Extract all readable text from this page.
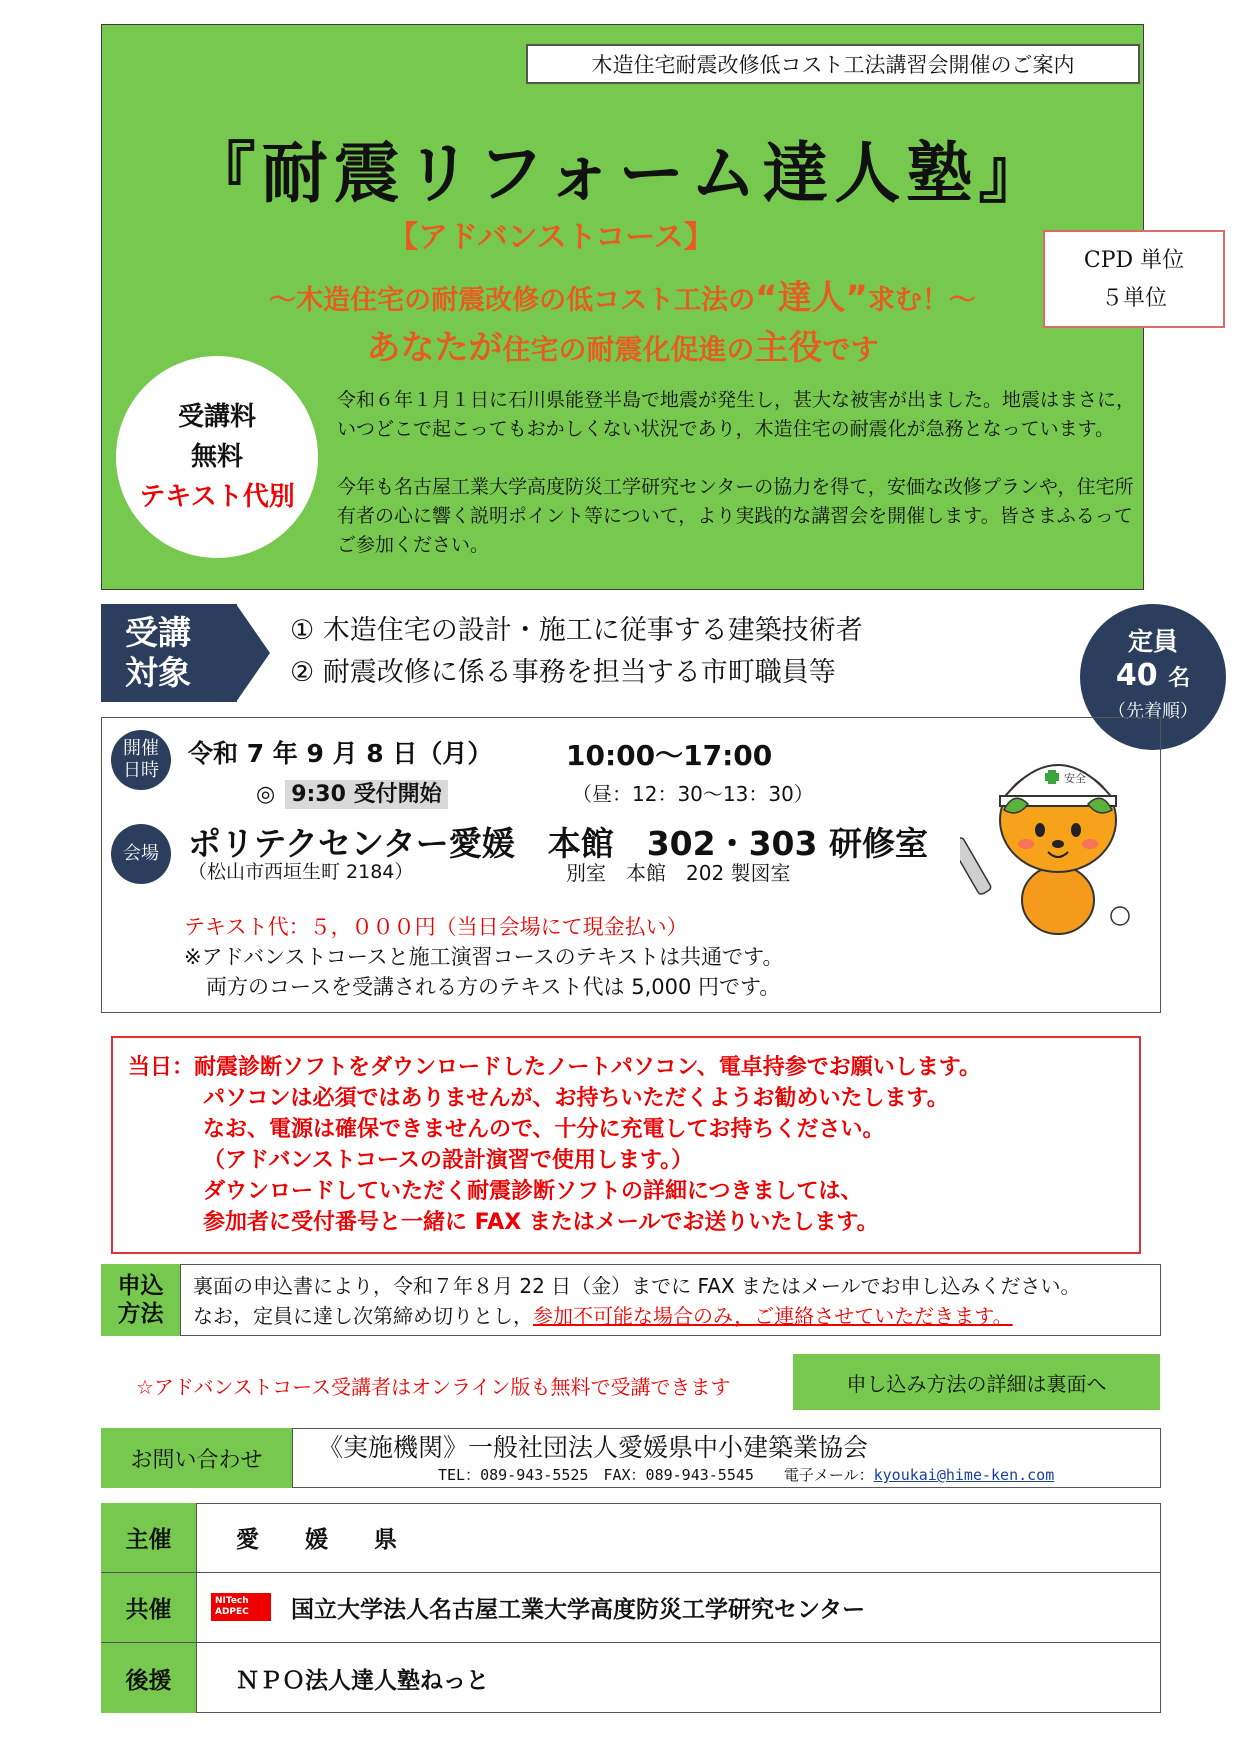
木造住宅耐震改修低コスト工法講習会開催のご案内
『耐震リフォーム達人塾』
【アドバンストコース】
～木造住宅の耐震改修の低コスト工法の“達人”求む！～
あなたが住宅の耐震化促進の主役です
CPD 単位
５単位
受講料
無料
テキスト代別

令和６年１月１日に石川県能登半島で地震が発生し，甚大な被害が出ました。地震はまさに，いつどこで起こってもおかしくない状況であり，木造住宅の耐震化が急務となっています。

今年も名古屋工業大学高度防災工学研究センターの協力を得て，安価な改修プランや，住宅所有者の心に響く説明ポイント等について，より実践的な講習会を開催します。皆さまふるってご参加ください。

受講
対象
① 木造住宅の設計・施工に従事する建築技術者
② 耐震改修に係る事務を担当する市町職員等
定員
40 名
（先着順）
開催
日時
令和 7 年 9 月 8 日（月）	10:00～17:00
◎ 9:30 受付開始	（昼：12：30～13：30）
会場 ポリテクセンター愛媛　本館　302・303 研修室
（松山市西垣生町 2184）	別室　本館　202 製図室
テキスト代：５，０００円（当日会場にて現金払い）
※アドバンストコースと施工演習コースのテキストは共通です。
両方のコースを受講される方のテキスト代は 5,000 円です。
安全
当日：耐震診断ソフトをダウンロードしたノートパソコン、電卓持参でお願いします。
パソコンは必須ではありませんが、お持ちいただくようお勧めいたします。
なお、電源は確保できませんので、十分に充電してお持ちください。
（アドバンストコースの設計演習で使用します。）
ダウンロードしていただく耐震診断ソフトの詳細につきましては、
参加者に受付番号と一緒に FAX またはメールでお送りいたします。
申込
方法
裏面の申込書により，令和７年８月 22 日（金）までに FAX またはメールでお申し込みください。
なお，定員に達し次第締め切りとし，参加不可能な場合のみ，ご連絡させていただきます。
☆アドバンストコース受講者はオンライン版も無料で受講できます	申し込み方法の詳細は裏面へ
お問い合わせ	《実施機関》一般社団法人愛媛県中小建築業協会
TEL：089-943-5525　FAX：089-943-5545　　電子メール：kyoukai@hime-ken.com
主催	愛　　媛　　県
共催	NITech ADPEC	国立大学法人名古屋工業大学高度防災工学研究センター
後援	ＮＰＯ法人達人塾ねっと
